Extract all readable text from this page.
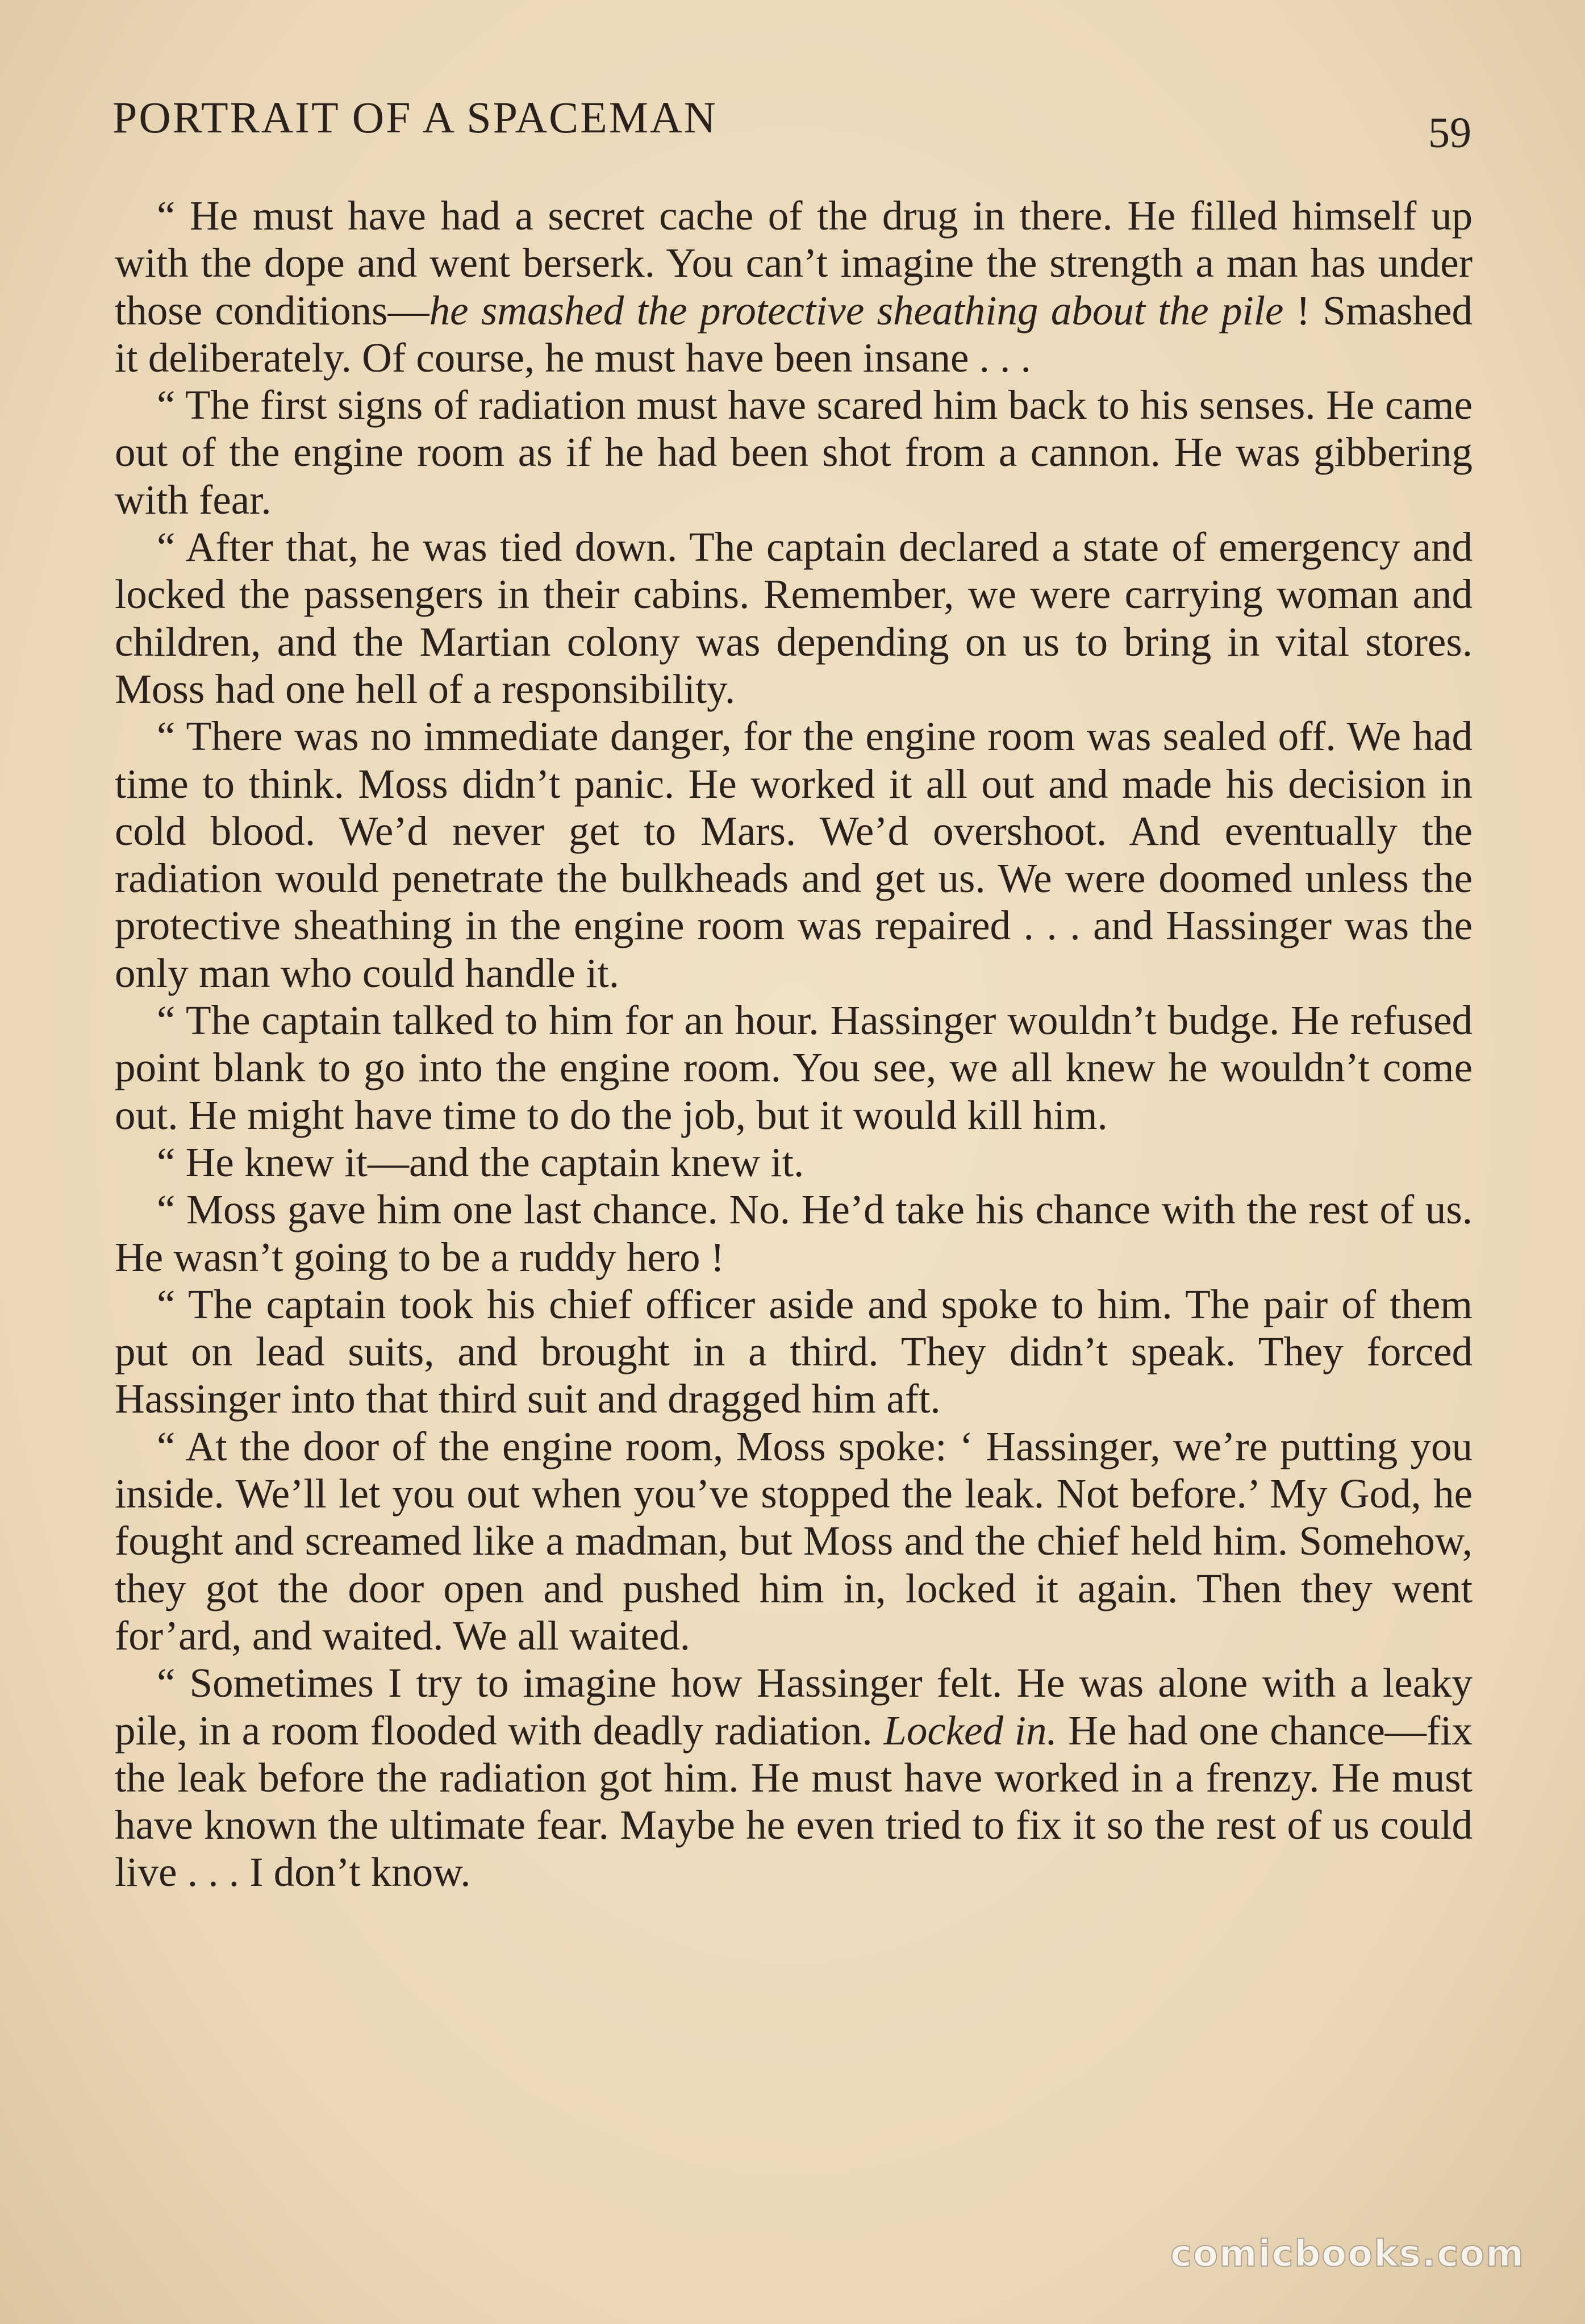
PORTRAIT OF A SPACEMAN	59

“ He must have had a secret cache of the drug in there. He filled himself up with the dope and went berserk. You can’t imagine the strength a man has under those conditions—he smashed the protective sheathing about the pile ! Smashed it deliberately. Of course, he must have been insane . . .

“ The first signs of radiation must have scared him back to his senses. He came out of the engine room as if he had been shot from a cannon. He was gibbering with fear.

“ After that, he was tied down. The captain declared a state of emergency and locked the passengers in their cabins. Remember, we were carrying woman and children, and the Martian colony was depending on us to bring in vital stores. Moss had one hell of a responsibility.

“ There was no immediate danger, for the engine room was sealed off. We had time to think. Moss didn’t panic. He worked it all out and made his decision in cold blood. We’d never get to Mars. We’d overshoot. And eventually the radiation would penetrate the bulkheads and get us. We were doomed unless the protective sheathing in the engine room was repaired . . . and Hassinger was the only man who could handle it.

“ The captain talked to him for an hour. Hassinger wouldn’t budge. He refused point blank to go into the engine room. You see, we all knew he wouldn’t come out. He might have time to do the job, but it would kill him.

“ He knew it—and the captain knew it.

“ Moss gave him one last chance. No. He’d take his chance with the rest of us. He wasn’t going to be a ruddy hero !

“ The captain took his chief officer aside and spoke to him. The pair of them put on lead suits, and brought in a third. They didn’t speak. They forced Hassinger into that third suit and dragged him aft.

“ At the door of the engine room, Moss spoke: ‘ Hassinger, we’re putting you inside. We’ll let you out when you’ve stopped the leak. Not before.’ My God, he fought and screamed like a madman, but Moss and the chief held him. Somehow, they got the door open and pushed him in, locked it again. Then they went for’ard, and waited. We all waited.

“ Sometimes I try to imagine how Hassinger felt. He was alone with a leaky pile, in a room flooded with deadly radiation. Locked in. He had one chance—fix the leak before the radiation got him. He must have worked in a frenzy. He must have known the ultimate fear. Maybe he even tried to fix it so the rest of us could live . . . I don’t know.

comicbooks.com
